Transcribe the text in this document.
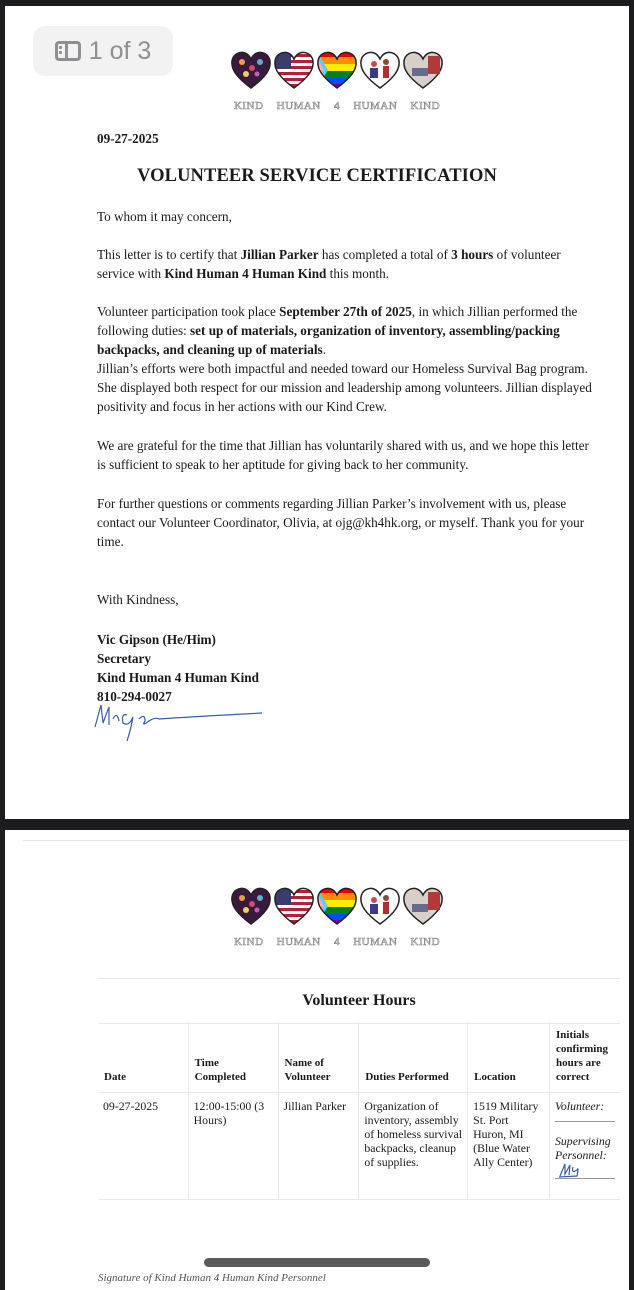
1 of 3
KIND HUMAN 4 HUMAN KIND
09-27-2025
VOLUNTEER SERVICE CERTIFICATION
To whom it may concern,
This letter is to certify that Jillian Parker has completed a total of 3 hours of volunteer service with Kind Human 4 Human Kind this month.
Volunteer participation took place September 27th of 2025, in which Jillian performed the following duties: set up of materials, organization of inventory, assembling/packing backpacks, and cleaning up of materials.
Jillian’s efforts were both impactful and needed toward our Homeless Survival Bag program. She displayed both respect for our mission and leadership among volunteers. Jillian displayed positivity and focus in her actions with our Kind Crew.
We are grateful for the time that Jillian has voluntarily shared with us, and we hope this letter is sufficient to speak to her aptitude for giving back to her community.
For further questions or comments regarding Jillian Parker’s involvement with us, please contact our Volunteer Coordinator, Olivia, at ojg@kh4hk.org, or myself. Thank you for your time.
With Kindness,
Vic Gipson (He/Him)
Secretary
Kind Human 4 Human Kind
810-294-0027
KIND HUMAN 4 HUMAN KIND
Volunteer Hours
Date	Time Completed	Name of Volunteer	Duties Performed	Location	Initials confirming hours are correct
09-27-2025	12:00-15:00 (3 Hours)	Jillian Parker	Organization of inventory, assembly of homeless survival backpacks, cleanup of supplies.	1519 Military St. Port Huron, MI (Blue Water Ally Center)	Volunteer:
Supervising Personnel:
Signature of Kind Human 4 Human Kind Personnel
